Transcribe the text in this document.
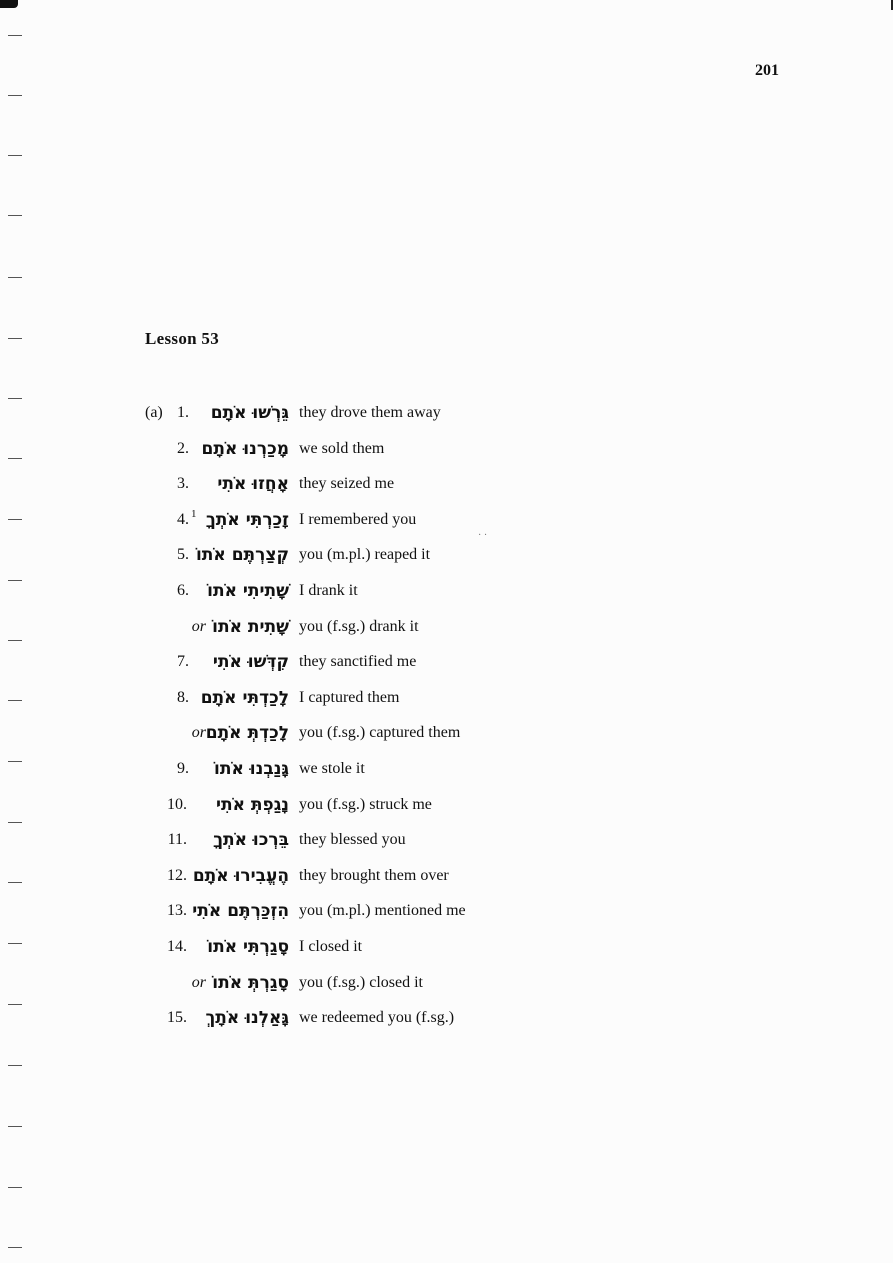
201
Lesson 53
(a) 1. גֵּרְשׁוּ אֹתָם they drove them away
2. מָכַרְנוּ אֹתָם we sold them
3. אָחֲזוּ אֹתִי they seized me
4. 1 זָכַרְתִּי אֹתְךָ I remembered you
5. קְצַרְתֶּם אֹתוֹ you (m.pl.) reaped it
6. שָׁתִיתִי אֹתוֹ I drank it
or שָׁתִית אֹתוֹ you (f.sg.) drank it
7. קִדְּשׁוּ אֹתִי they sanctified me
8. לָכַדְתִּי אֹתָם I captured them
or לָכַדְתְּ אֹתָם you (f.sg.) captured them
9. גָּנַבְנוּ אֹתוֹ we stole it
10. נָגַפְתְּ אֹתִי you (f.sg.) struck me
11. בֵּרְכוּ אֹתְךָ they blessed you
12. הֶעֱבִירוּ אֹתָם they brought them over
13. הִזְכַּרְתֶּם אֹתִי you (m.pl.) mentioned me
14. סָגַרְתִּי אֹתוֹ I closed it
or סָגַרְתְּ אֹתוֹ you (f.sg.) closed it
15. גָּאַלְנוּ אֹתָךְ we redeemed you (f.sg.)
· ·
